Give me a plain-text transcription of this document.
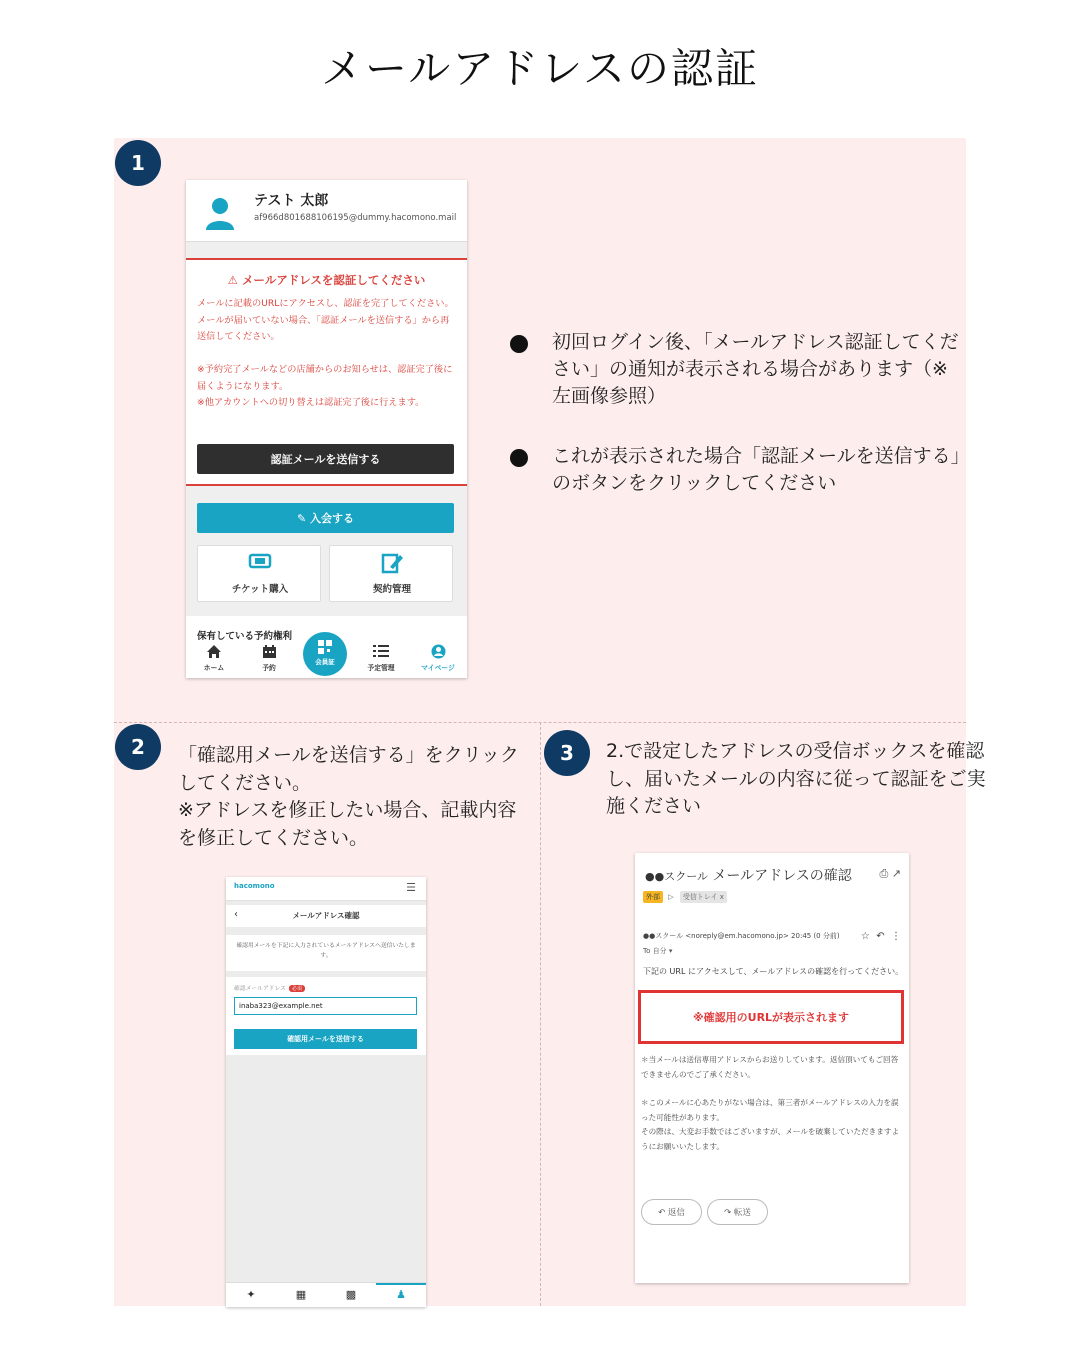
メールアドレスの認証
1
2	3
テスト 太郎
af966d801688106195@dummy.hacomono.mail
⚠ メールアドレスを認証してください
メールに記載のURLにアクセスし、認証を完了してください。メールが届いていない場合、「認証メールを送信する」から再送信してください。
※予約完了メールなどの店舗からのお知らせは、認証完了後に届くようになります。
※他アカウントへの切り替えは認証完了後に行えます。
認証メールを送信する
✎ 入会する
チケット購入	契約管理
保有している予約権利
ホーム	予約
会員証
予定管理	マイページ
初回ログイン後、「メールアドレス認証してくだ さい」の通知が表示される場合があります（※ 左画像参照）
これが表示された場合「認証メールを送信する」のボタンをクリックしてください
「確認用メールを送信する」をクリックしてください。
※アドレスを修正したい場合、記載内容を修正してください。
hacomono	☰
‹	メールアドレス確認
確認用メールを下記に入力されているメールアドレスへ送信いたします。
確認メールアドレス 必須
inaba323@example.net
確認用メールを送信する
✦	▦	▩	♟
2.で設定したアドレスの受信ボックスを確認し、届いたメールの内容に従って認証をご実施ください
●●スクール メールアドレスの確認	⎙ ↗
外部 ▷ 受信トレイ x
●●スクール <noreply@em.hacomono.jp> 20:45 (0 分前) ☆ ↶ ⋮
To 自分 ▾
下記の URL にアクセスして、メールアドレスの確認を行ってください。
※確認用のURLが表示されます
＊当メールは送信専用アドレスからお送りしています。返信頂いてもご回答できませんのでご了承ください。
＊このメールに心あたりがない場合は、第三者がメールアドレスの入力を誤った可能性があります。
その際は、大変お手数ではございますが、メールを破棄していただきますようにお願いいたします。
↶ 返信	↷ 転送
